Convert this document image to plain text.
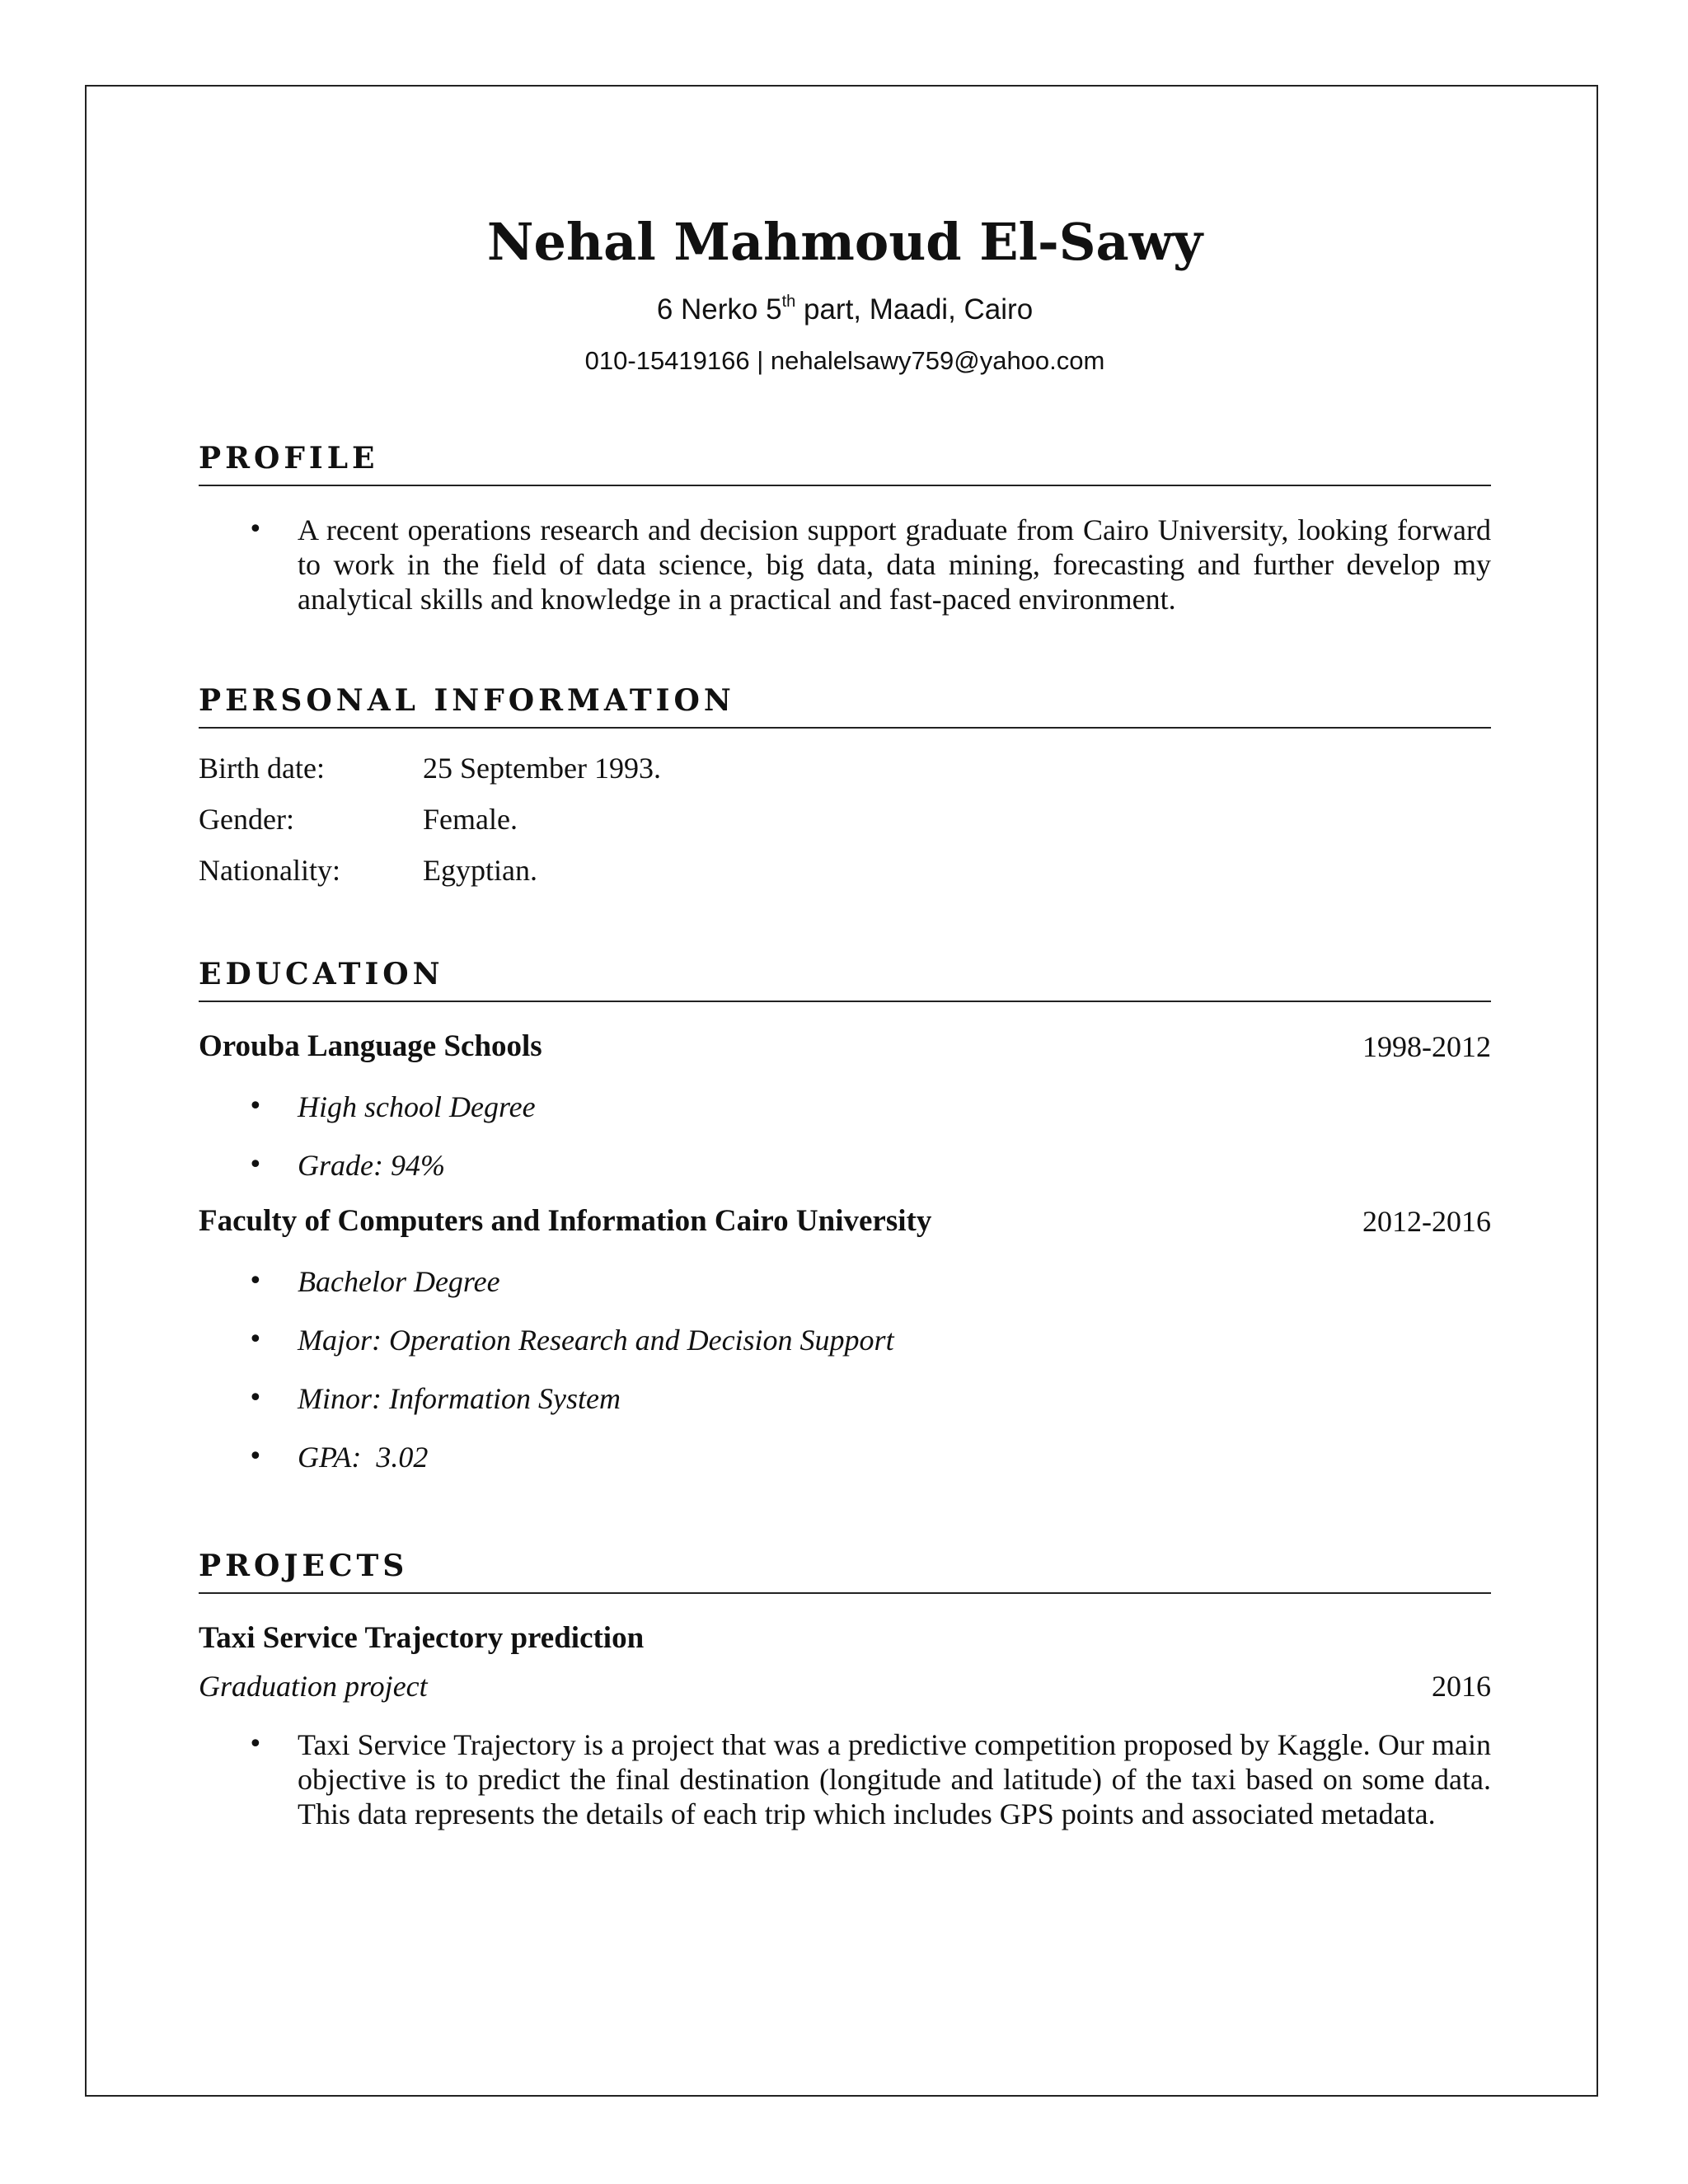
Nehal Mahmoud El-Sawy
6 Nerko 5th part, Maadi, Cairo
010-15419166 | nehalelsawy759@yahoo.com
PROFILE
• A recent operations research and decision support graduate from Cairo University, looking forward to work in the field of data science, big data, data mining, forecasting and further develop my analytical skills and knowledge in a practical and fast-paced environment.
PERSONAL INFORMATION
Birth date:	25 September 1993.
Gender:	Female.
Nationality:	Egyptian.
EDUCATION
Orouba Language Schools	1998-2012
• High school Degree
• Grade: 94%
Faculty of Computers and Information Cairo University	2012-2016
• Bachelor Degree
• Major: Operation Research and Decision Support
• Minor: Information System
• GPA:  3.02
PROJECTS
Taxi Service Trajectory prediction
Graduation project	2016
• Taxi Service Trajectory is a project that was a predictive competition proposed by Kaggle. Our main objective is to predict the final destination (longitude and latitude) of the taxi based on some data. This data represents the details of each trip which includes GPS points and associated metadata.
